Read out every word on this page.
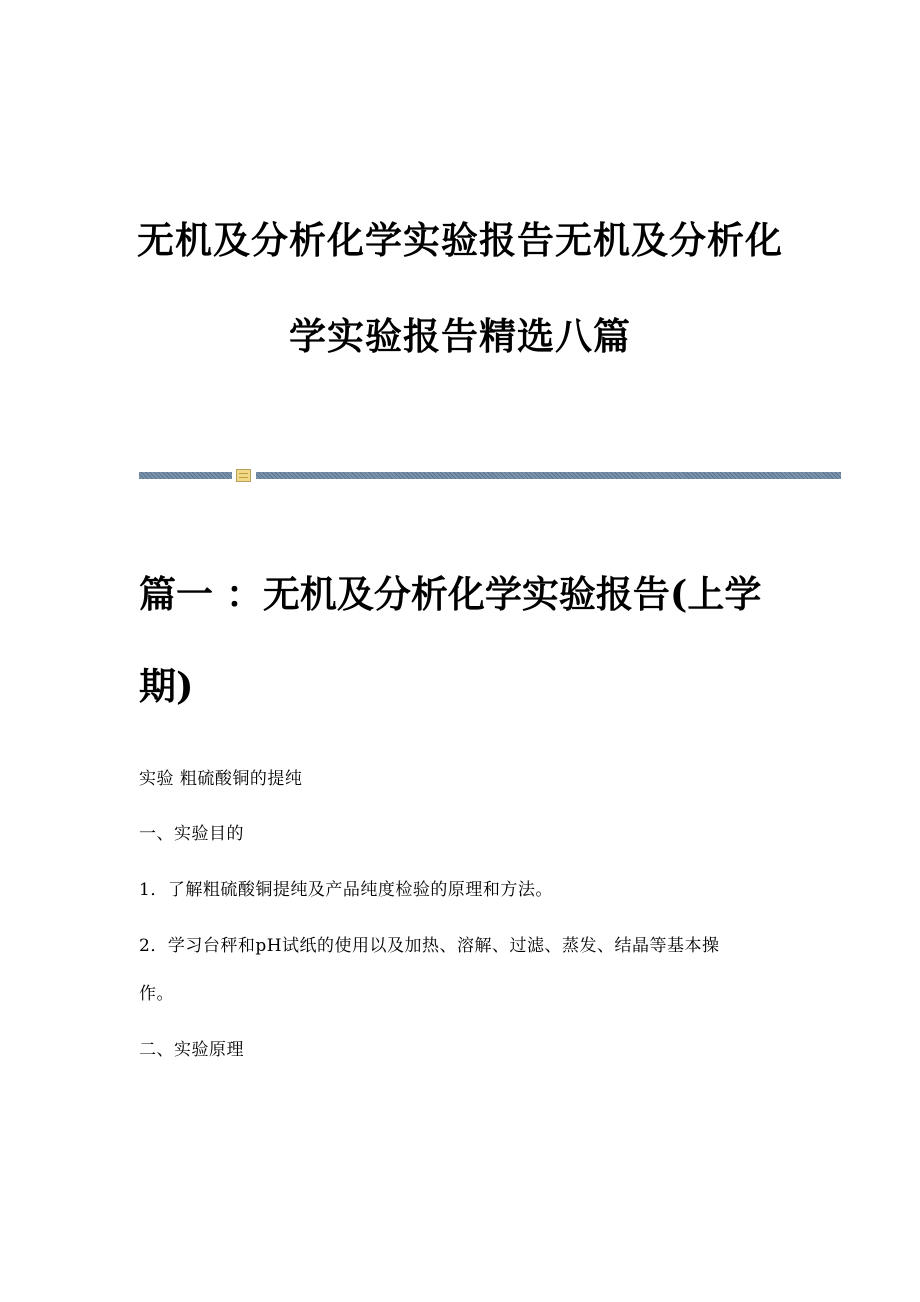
无机及分析化学实验报告无机及分析化
学实验报告精选八篇
篇一 ：无机及分析化学实验报告(上学
期)
实验 粗硫酸铜的提纯
一、实验目的
1．了解粗硫酸铜提纯及产品纯度检验的原理和方法。
2．学习台秤和pH试纸的使用以及加热、溶解、过滤、蒸发、结晶等基本操
作。
二、实验原理
